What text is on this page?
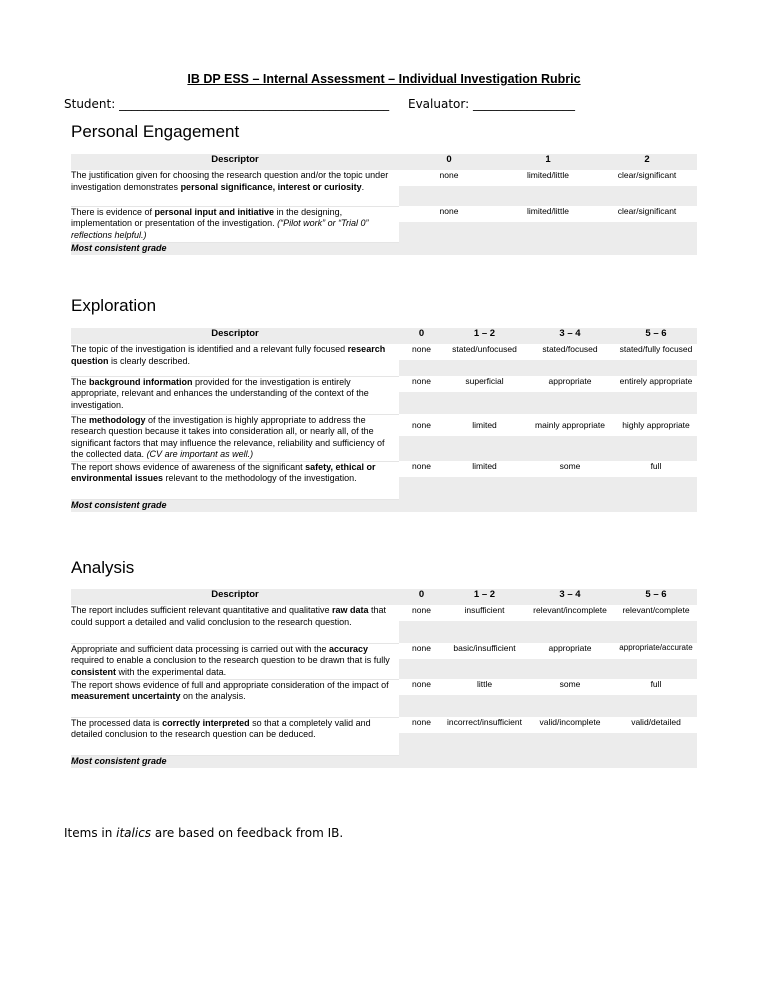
IB DP ESS – Internal Assessment – Individual Investigation Rubric
Student: _____________________________________________ Evaluator: _________________
Personal Engagement
Descriptor	0	1	2
The justification given for choosing the research question and/or the topic under investigation demonstrates personal significance, interest or curiosity.	none	limited/little	clear/significant

There is evidence of personal input and initiative in the designing, implementation or presentation of the investigation. (“Pilot work” or “Trial 0” reflections helpful.)	none	limited/little	clear/significant

Most consistent grade			
Exploration
Descriptor	0	1 – 2	3 – 4	5 – 6
The topic of the investigation is identified and a relevant fully focused research question is clearly described.	none	stated/unfocused	stated/focused	stated/fully focused

The background information provided for the investigation is entirely appropriate, relevant and enhances the understanding of the context of the investigation.	none	superficial	appropriate	entirely appropriate

The methodology of the investigation is highly appropriate to address the research question because it takes into consideration all, or nearly all, of the significant factors that may influence the relevance, reliability and sufficiency of the collected data. (CV are important as well.)	none	limited	mainly appropriate	highly appropriate

The report shows evidence of awareness of the significant safety, ethical or environmental issues relevant to the methodology of the investigation.	none	limited	some	full

Most consistent grade				
Analysis
Descriptor	0	1 – 2	3 – 4	5 – 6
The report includes sufficient relevant quantitative and qualitative raw data that could support a detailed and valid conclusion to the research question.	none	insufficient	relevant/incomplete	relevant/complete

Appropriate and sufficient data processing is carried out with the accuracy required to enable a conclusion to the research question to be drawn that is fully consistent with the experimental data.	none	basic/insufficient	appropriate	appropriate/accurate

The report shows evidence of full and appropriate consideration of the impact of measurement uncertainty on the analysis.	none	little	some	full

The processed data is correctly interpreted so that a completely valid and detailed conclusion to the research question can be deduced.	none	incorrect/insufficient	valid/incomplete	valid/detailed

Most consistent grade				
Items in italics are based on feedback from IB.
